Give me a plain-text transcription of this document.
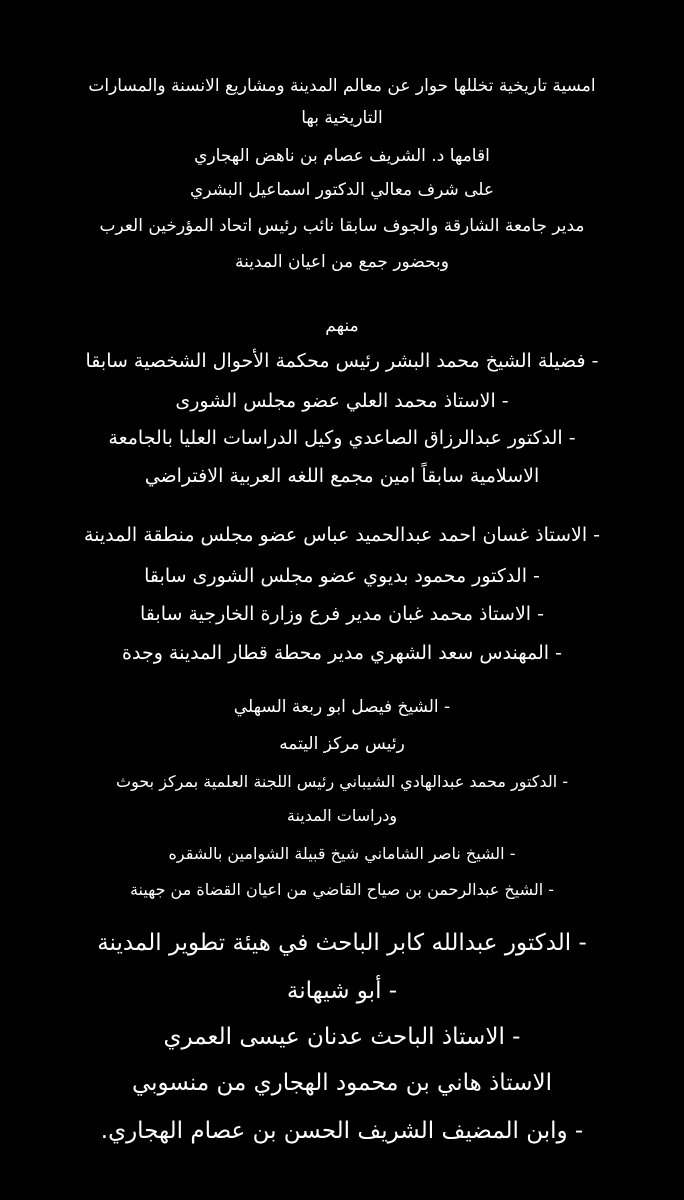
امسية تاريخية تخللها حوار عن معالم المدينة ومشاريع الانسنة والمسارات
التاريخية بها
اقامها د. الشريف عصام بن ناهض الهجاري
على شرف معالي الدكتور اسماعيل البشري
مدير جامعة الشارقة والجوف سابقا نائب رئيس اتحاد المؤرخين العرب
وبحضور جمع من اعيان المدينة
منهم
- فضيلة الشيخ محمد البشر رئيس محكمة الأحوال الشخصية سابقا
- الاستاذ محمد العلي عضو مجلس الشورى
- الدكتور عبدالرزاق الصاعدي وكيل الدراسات العليا بالجامعة
الاسلامية سابقاً امين مجمع اللغه العربية الافتراضي
- الاستاذ غسان احمد عبدالحميد عباس عضو مجلس منطقة المدينة
- الدكتور محمود بديوي عضو مجلس الشورى سابقا
- الاستاذ محمد غبان مدير فرع وزارة الخارجية سابقا
- المهندس سعد الشهري مدير محطة قطار المدينة وجدة
- الشيخ فيصل ابو ربعة السهلي
رئيس مركز اليتمه
- الدكتور محمد عبدالهادي الشيباني رئيس اللجنة العلمية بمركز بحوث
ودراسات المدينة
- الشيخ ناصر الشاماني شيخ قبيلة الشوامين بالشقره
- الشيخ عبدالرحمن بن صياح القاضي من اعيان القضاة من جهينة
- الدكتور عبدالله كابر الباحث في هيئة تطوير المدينة
- أبو شيهانة
- الاستاذ الباحث عدنان عيسى العمري
الاستاذ هاني بن محمود الهجاري من منسوبي
- وابن المضيف الشريف الحسن بن عصام الهجاري.
